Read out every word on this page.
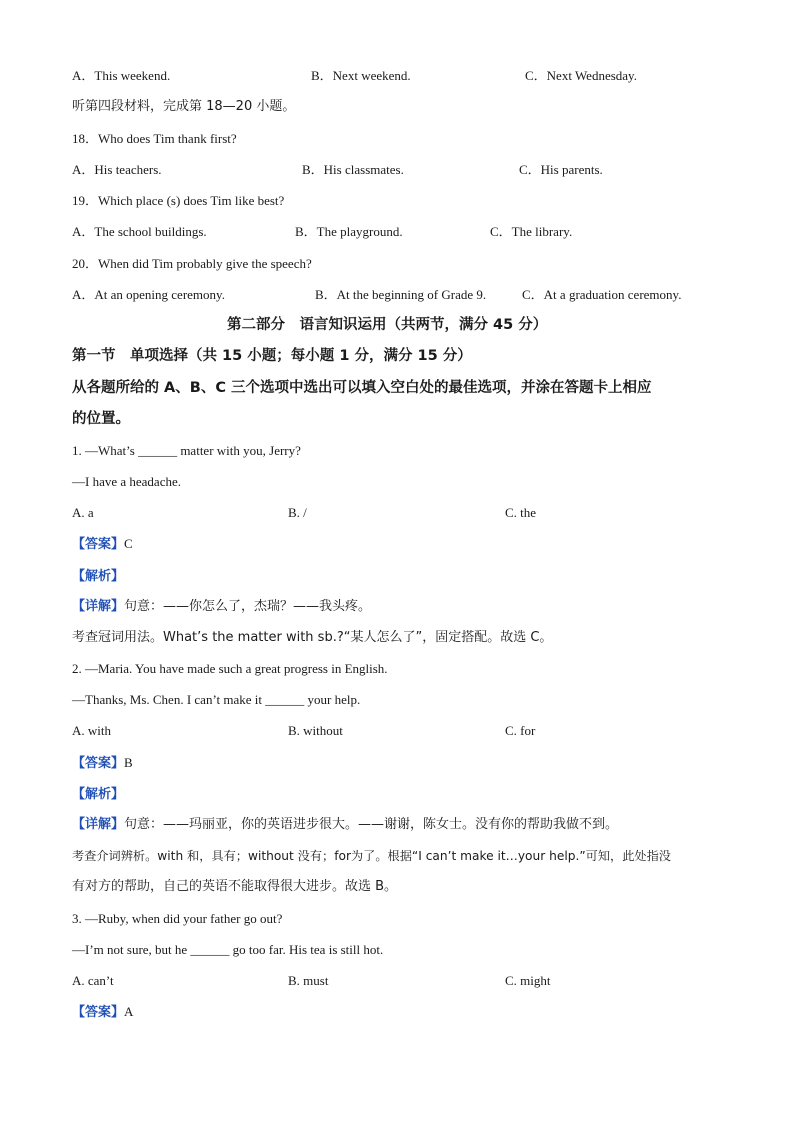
A．This weekend.	B．Next weekend.	C．Next Wednesday.
听第四段材料，完成第 18—20 小题。
18．Who does Tim thank first?
A．His teachers.	B．His classmates.	C．His parents.
19．Which place (s) does Tim like best?
A．The school buildings.	B．The playground.	C．The library.
20．When did Tim probably give the speech?
A．At an opening ceremony.	B．At the beginning of Grade 9.	C．At a graduation ceremony.
第二部分　语言知识运用（共两节，满分 45 分）
第一节　单项选择（共 15 小题；每小题 1 分，满分 15 分）
从各题所给的 A、B、C 三个选项中选出可以填入空白处的最佳选项，并涂在答题卡上相应
的位置。
1. —What’s ______ matter with you, Jerry?
—I have a headache.
A. a	B. /	C. the
【答案】C
【解析】
【详解】句意：——你怎么了，杰瑞？——我头疼。
考查冠词用法。What’s the matter with sb.?“某人怎么了”，固定搭配。故选 C。
2. —Maria. You have made such a great progress in English.
—Thanks, Ms. Chen. I can’t make it ______ your help.
A. with	B. without	C. for
【答案】B
【解析】
【详解】句意：——玛丽亚，你的英语进步很大。——谢谢，陈女士。没有你的帮助我做不到。
考查介词辨析。with 和，具有；without 没有；for为了。根据“I can’t make it…your help.”可知，此处指没
有对方的帮助，自己的英语不能取得很大进步。故选 B。
3. —Ruby, when did your father go out?
—I’m not sure, but he ______ go too far. His tea is still hot.
A. can’t	B. must	C. might
【答案】A
